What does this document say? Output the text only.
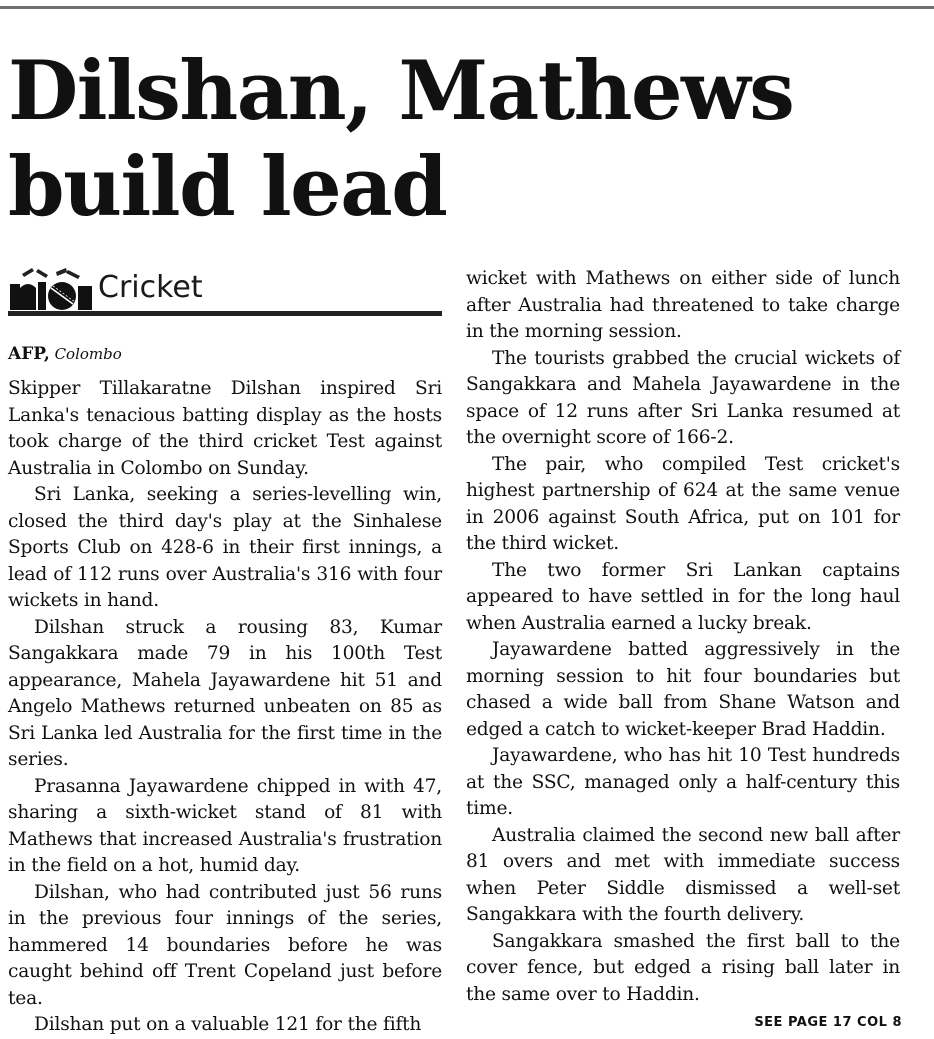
Dilshan, Mathews
build lead
Cricket
AFP, Colombo

Skipper Tillakaratne Dilshan inspired Sri Lanka's tenacious batting display as the hosts took charge of the third cricket Test against Australia in Colombo on Sunday.

Sri Lanka, seeking a series-levelling win, closed the third day's play at the Sinhalese Sports Club on 428-6 in their first innings, a lead of 112 runs over Australia's 316 with four wickets in hand.

Dilshan struck a rousing 83, Kumar Sangakkara made 79 in his 100th Test appearance, Mahela Jayawardene hit 51 and Angelo Mathews returned unbeaten on 85 as Sri Lanka led Australia for the first time in the series.

Prasanna Jayawardene chipped in with 47, sharing a sixth-wicket stand of 81 with Mathews that increased Australia's frustration in the field on a hot, humid day.

Dilshan, who had contributed just 56 runs in the previous four innings of the series, hammered 14 boundaries before he was caught behind off Trent Copeland just before tea.

Dilshan put on a valuable 121 for the fifth

wicket with Mathews on either side of lunch after Australia had threatened to take charge in the morning session.

The tourists grabbed the crucial wickets of Sangakkara and Mahela Jayawardene in the space of 12 runs after Sri Lanka resumed at the overnight score of 166-2.

The pair, who compiled Test cricket's highest partnership of 624 at the same venue in 2006 against South Africa, put on 101 for the third wicket.

The two former Sri Lankan captains appeared to have settled in for the long haul when Australia earned a lucky break.

Jayawardene batted aggressively in the morning session to hit four boundaries but chased a wide ball from Shane Watson and edged a catch to wicket-keeper Brad Haddin.

Jayawardene, who has hit 10 Test hundreds at the SSC, managed only a half-century this time.

Australia claimed the second new ball after 81 overs and met with immediate success when Peter Siddle dismissed a well-set Sangakkara with the fourth delivery.

Sangakkara smashed the first ball to the cover fence, but edged a rising ball later in the same over to Haddin.

SEE PAGE 17 COL 8
